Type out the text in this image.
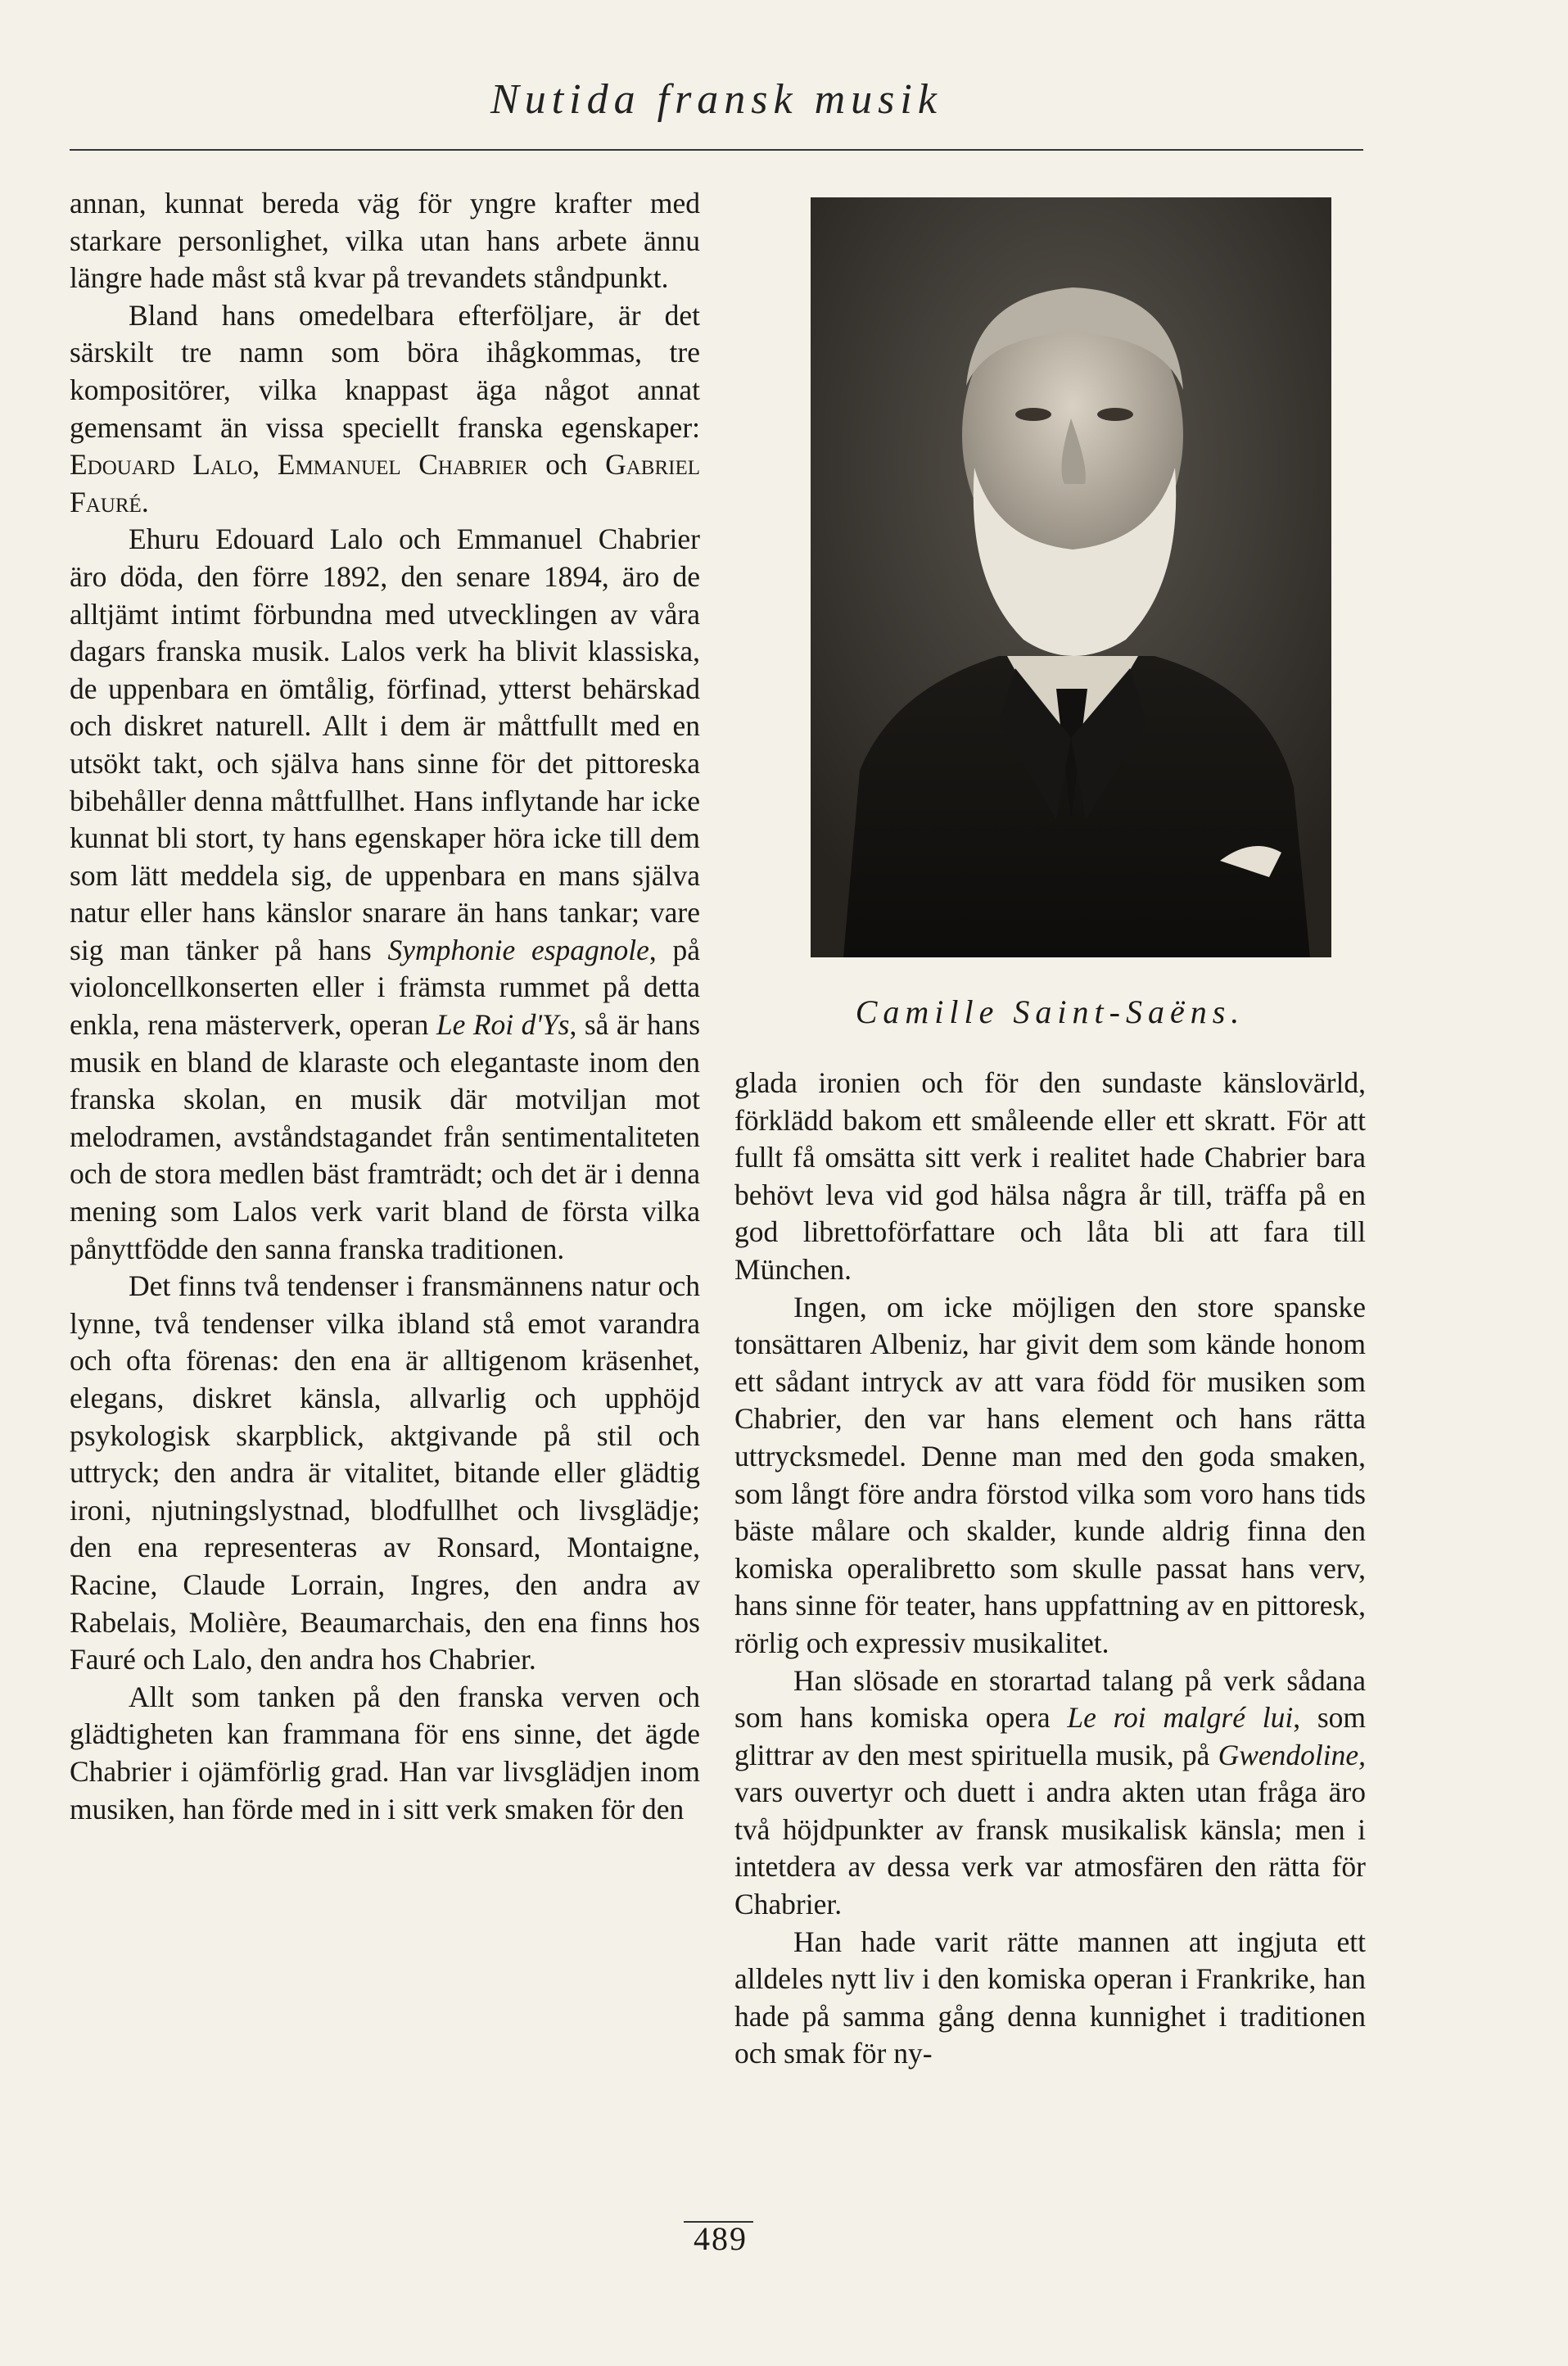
Nutida fransk musik

annan, kunnat bereda väg för yngre krafter med starkare personlighet, vilka utan hans arbete ännu längre hade måst stå kvar på trevandets ståndpunkt.

Bland hans omedelbara efterföljare, är det särskilt tre namn som böra ihågkommas, tre kompositörer, vilka knappast äga något annat gemensamt än vissa speciellt franska egenskaper: Edouard Lalo, Emmanuel Chabrier och Gabriel Fauré.

Ehuru Edouard Lalo och Emmanuel Chabrier äro döda, den förre 1892, den senare 1894, äro de alltjämt intimt förbundna med utvecklingen av våra dagars franska musik. Lalos verk ha blivit klassiska, de uppenbara en ömtålig, förfinad, ytterst behärskad och diskret naturell. Allt i dem är måttfullt med en utsökt takt, och själva hans sinne för det pittoreska bibehåller denna måttfullhet. Hans inflytande har icke kunnat bli stort, ty hans egenskaper höra icke till dem som lätt meddela sig, de uppenbara en mans själva natur eller hans känslor snarare än hans tankar; vare sig man tänker på hans Symphonie espagnole, på violoncellkonserten eller i främsta rummet på detta enkla, rena mästerverk, operan Le Roi d'Ys, så är hans musik en bland de klaraste och elegantaste inom den franska skolan, en musik där motviljan mot melodramen, avståndstagandet från sentimentaliteten och de stora medlen bäst framträdt; och det är i denna mening som Lalos verk varit bland de första vilka pånyttfödde den sanna franska traditionen.

Det finns två tendenser i fransmännens natur och lynne, två tendenser vilka ibland stå emot varandra och ofta förenas: den ena är alltigenom kräsenhet, elegans, diskret känsla, allvarlig och upphöjd psykologisk skarpblick, aktgivande på stil och uttryck; den andra är vitalitet, bitande eller glädtig ironi, njutningslystnad, blodfullhet och livsglädje; den ena representeras av Ronsard, Montaigne, Racine, Claude Lorrain, Ingres, den andra av Rabelais, Molière, Beaumarchais, den ena finns hos Fauré och Lalo, den andra hos Chabrier.

Allt som tanken på den franska verven och glädtigheten kan frammana för ens sinne, det ägde Chabrier i ojämförlig grad. Han var livsglädjen inom musiken, han förde med in i sitt verk smaken för den

Camille Saint-Saëns.

glada ironien och för den sundaste känslovärld, förklädd bakom ett småleende eller ett skratt. För att fullt få omsätta sitt verk i realitet hade Chabrier bara behövt leva vid god hälsa några år till, träffa på en god librettoförfattare och låta bli att fara till München.

Ingen, om icke möjligen den store spanske tonsättaren Albeniz, har givit dem som kände honom ett sådant intryck av att vara född för musiken som Chabrier, den var hans element och hans rätta uttrycksmedel. Denne man med den goda smaken, som långt före andra förstod vilka som voro hans tids bäste målare och skalder, kunde aldrig finna den komiska operalibretto som skulle passat hans verv, hans sinne för teater, hans uppfattning av en pittoresk, rörlig och expressiv musikalitet.

Han slösade en storartad talang på verk sådana som hans komiska opera Le roi malgré lui, som glittrar av den mest spirituella musik, på Gwendoline, vars ouvertyr och duett i andra akten utan fråga äro två höjdpunkter av fransk musikalisk känsla; men i intetdera av dessa verk var atmosfären den rätta för Chabrier.

Han hade varit rätte mannen att ingjuta ett alldeles nytt liv i den komiska operan i Frankrike, han hade på samma gång denna kunnighet i traditionen och smak för ny-

489
